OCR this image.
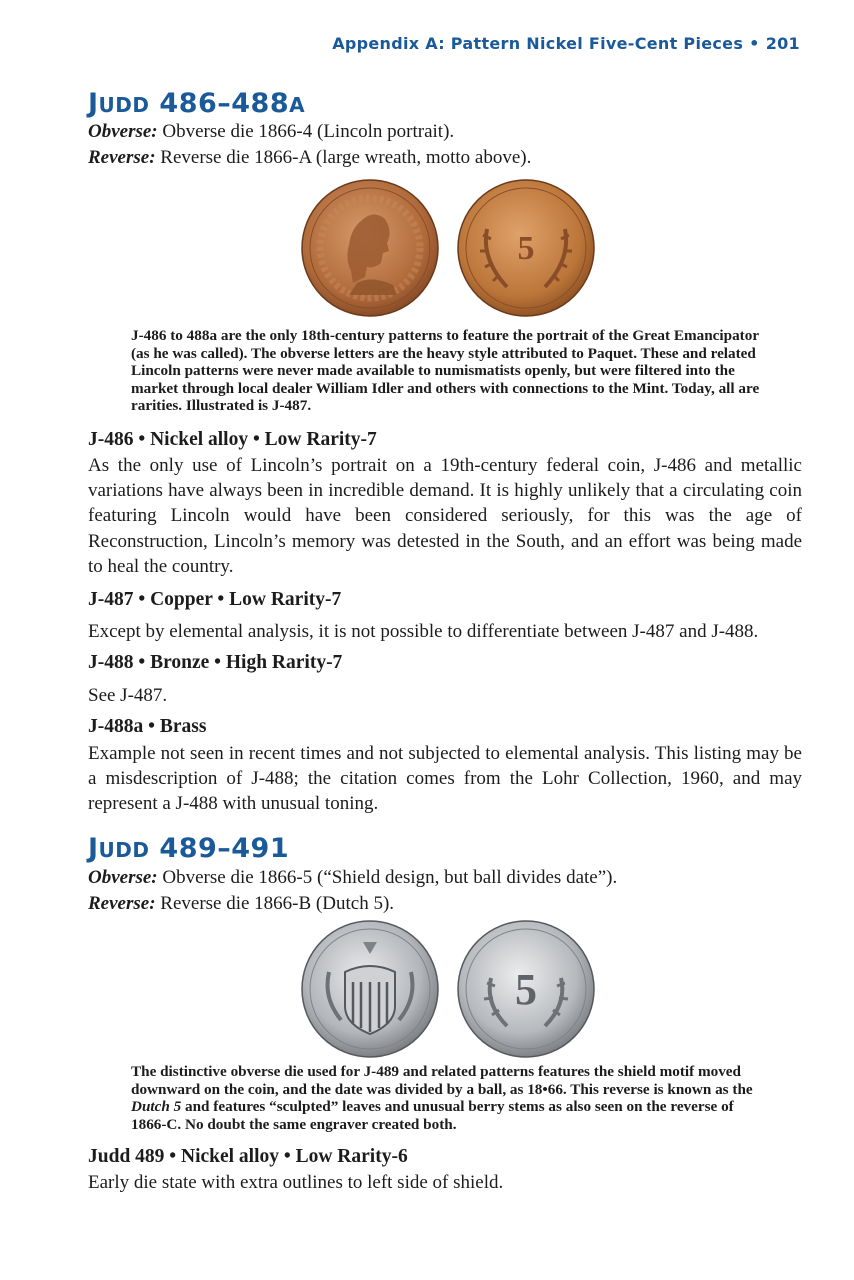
Appendix A: Pattern Nickel Five-Cent Pieces • 201
JUDD 486–488A
Obverse: Obverse die 1866-4 (Lincoln portrait).
Reverse: Reverse die 1866-A (large wreath, motto above).
5
J-486 to 488a are the only 18th-century patterns to feature the portrait of the Great Emancipator (as he was called). The obverse letters are the heavy style attributed to Paquet. These and related Lincoln patterns were never made available to numismatists openly, but were filtered into the market through local dealer William Idler and others with connections to the Mint. Today, all are rarities. Illustrated is J-487.
J-486 • Nickel alloy • Low Rarity-7
As the only use of Lincoln’s portrait on a 19th-century federal coin, J-486 and metallic variations have always been in incredible demand. It is highly unlikely that a circulating coin featuring Lincoln would have been considered seriously, for this was the age of Reconstruction, Lincoln’s memory was detested in the South, and an effort was being made to heal the country.
J-487 • Copper • Low Rarity-7
Except by elemental analysis, it is not possible to differentiate between J-487 and J-488.
J-488 • Bronze • High Rarity-7
See J-487.
J-488a • Brass
Example not seen in recent times and not subjected to elemental analysis. This listing may be a misdescription of J-488; the citation comes from the Lohr Collection, 1960, and may represent a J-488 with unusual toning.
JUDD 489–491
Obverse: Obverse die 1866-5 (“Shield design, but ball divides date”).
Reverse: Reverse die 1866-B (Dutch 5).
5
The distinctive obverse die used for J-489 and related patterns features the shield motif moved downward on the coin, and the date was divided by a ball, as 18•66. This reverse is known as the Dutch 5 and features “sculpted” leaves and unusual berry stems as also seen on the reverse of 1866-C. No doubt the same engraver created both.
Judd 489 • Nickel alloy • Low Rarity-6
Early die state with extra outlines to left side of shield.
